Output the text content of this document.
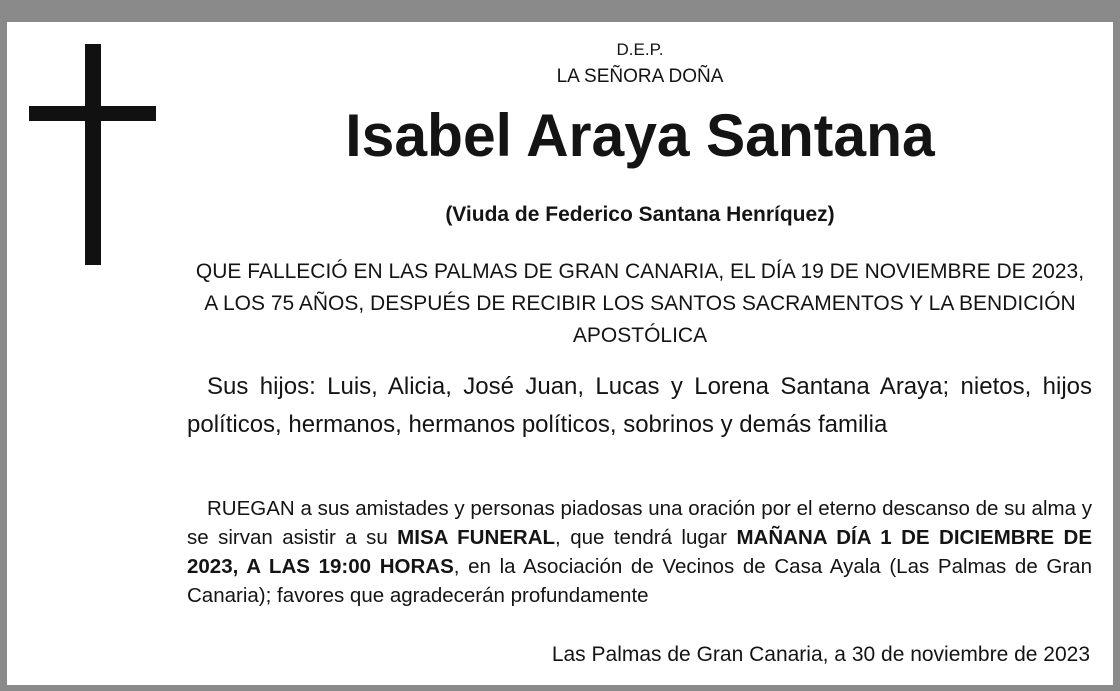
D.E.P.
LA SEÑORA DOÑA
Isabel Araya Santana
(Viuda de Federico Santana Henríquez)
QUE FALLECIÓ EN LAS PALMAS DE GRAN CANARIA, EL DÍA 19 DE NOVIEMBRE DE 2023, A LOS 75 AÑOS, DESPUÉS DE RECIBIR LOS SANTOS SACRAMENTOS Y LA BENDICIÓN APOSTÓLICA
Sus hijos: Luis, Alicia, José Juan, Lucas y Lorena Santana Araya; nietos, hijos políticos, hermanos, hermanos políticos, sobrinos y demás familia
RUEGAN a sus amistades y personas piadosas una oración por el eterno descanso de su alma y se sirvan asistir a su MISA FUNERAL, que tendrá lugar MAÑANA DÍA 1 DE DICIEMBRE DE 2023, A LAS 19:00 HORAS, en la Asociación de Vecinos de Casa Ayala (Las Palmas de Gran Canaria); favores que agradecerán profundamente
Las Palmas de Gran Canaria, a 30 de noviembre de 2023
